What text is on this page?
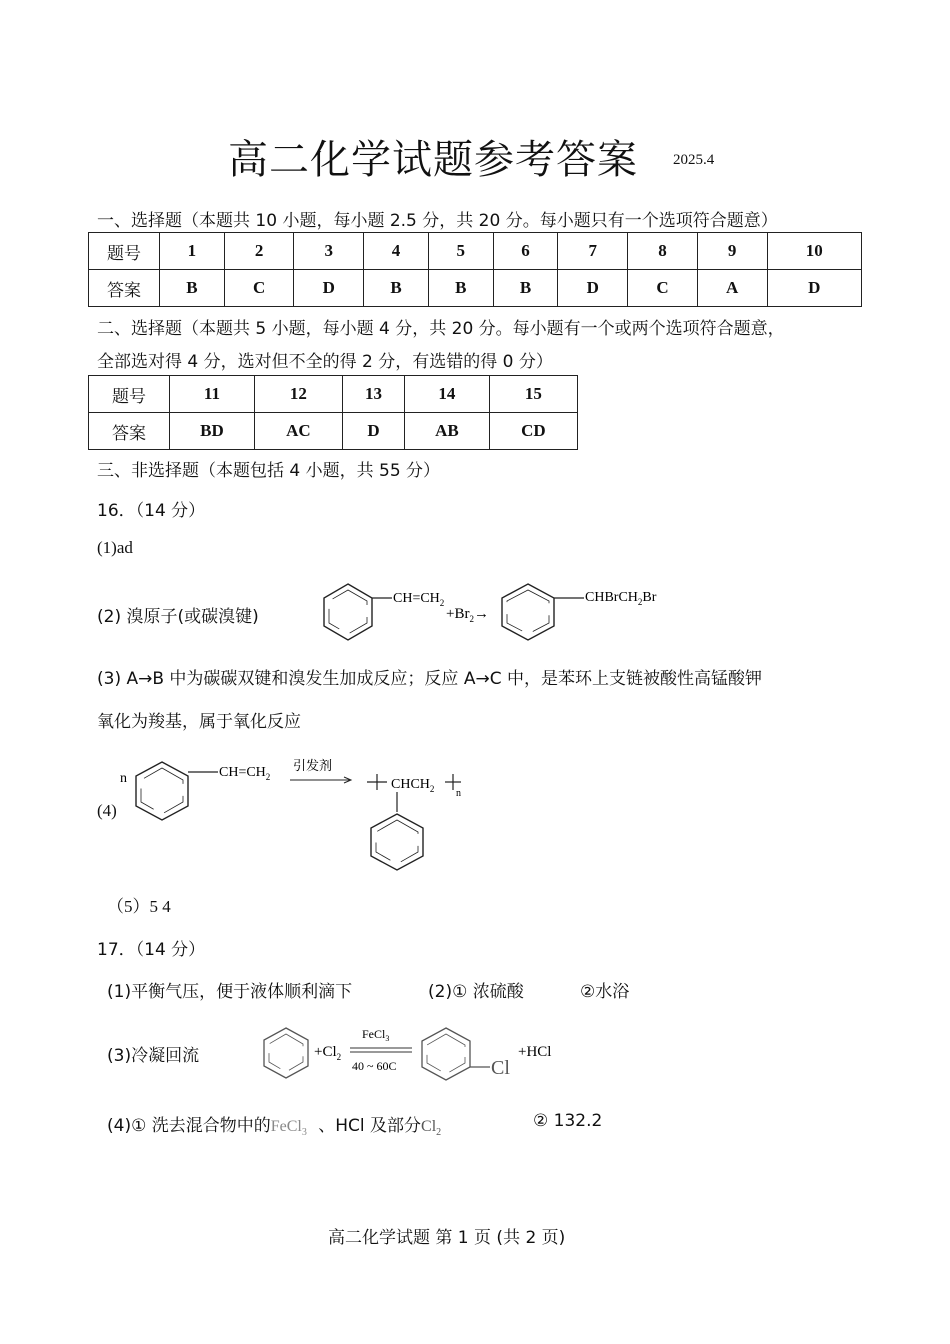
高二化学试题参考答案 2025.4
一、选择题（本题共 10 小题，每小题 2.5 分，共 20 分。每小题只有一个选项符合题意）
题号	1	2	3	4	5	6	7	8	9	10
答案	B	C	D	B	B	B	D	C	A	D
二、选择题（本题共 5 小题，每小题 4 分，共 20 分。每小题有一个或两个选项符合题意，
全部选对得 4 分，选对但不全的得 2 分，有选错的得 0 分）
题号	11	12	13	14	15
答案	BD	AC	D	AB	CD
三、非选择题（本题包括 4 小题，共 55 分）
16．（14 分）
(1)ad
(2) 溴原子(或碳溴键)
$CH=CH_2$
$+Br_2\to$
CHBrCH$_2$Br
(3) A→B 中为碳碳双键和溴发生加成反应；反应 A→C 中，是苯环上支链被酸性高锰酸钾
氧化为羧基，属于氧化反应
(4)
n	$CH=CH_2$
引发剂
$CHCH_2$ n
（5）5 4
17．（14 分）
(1)平衡气压，便于液体顺利滴下	(2)① 浓硫酸	②水浴
(3)冷凝回流	$+Cl_2$
FeCl$_3$
40 ~ 60C	Cl
+HCl
(4)① 洗去混合物中的FeCl$_3$ 、HCl 及部分$Cl_2$
② 132.2
高二化学试题 第 1 页 (共 2 页)
